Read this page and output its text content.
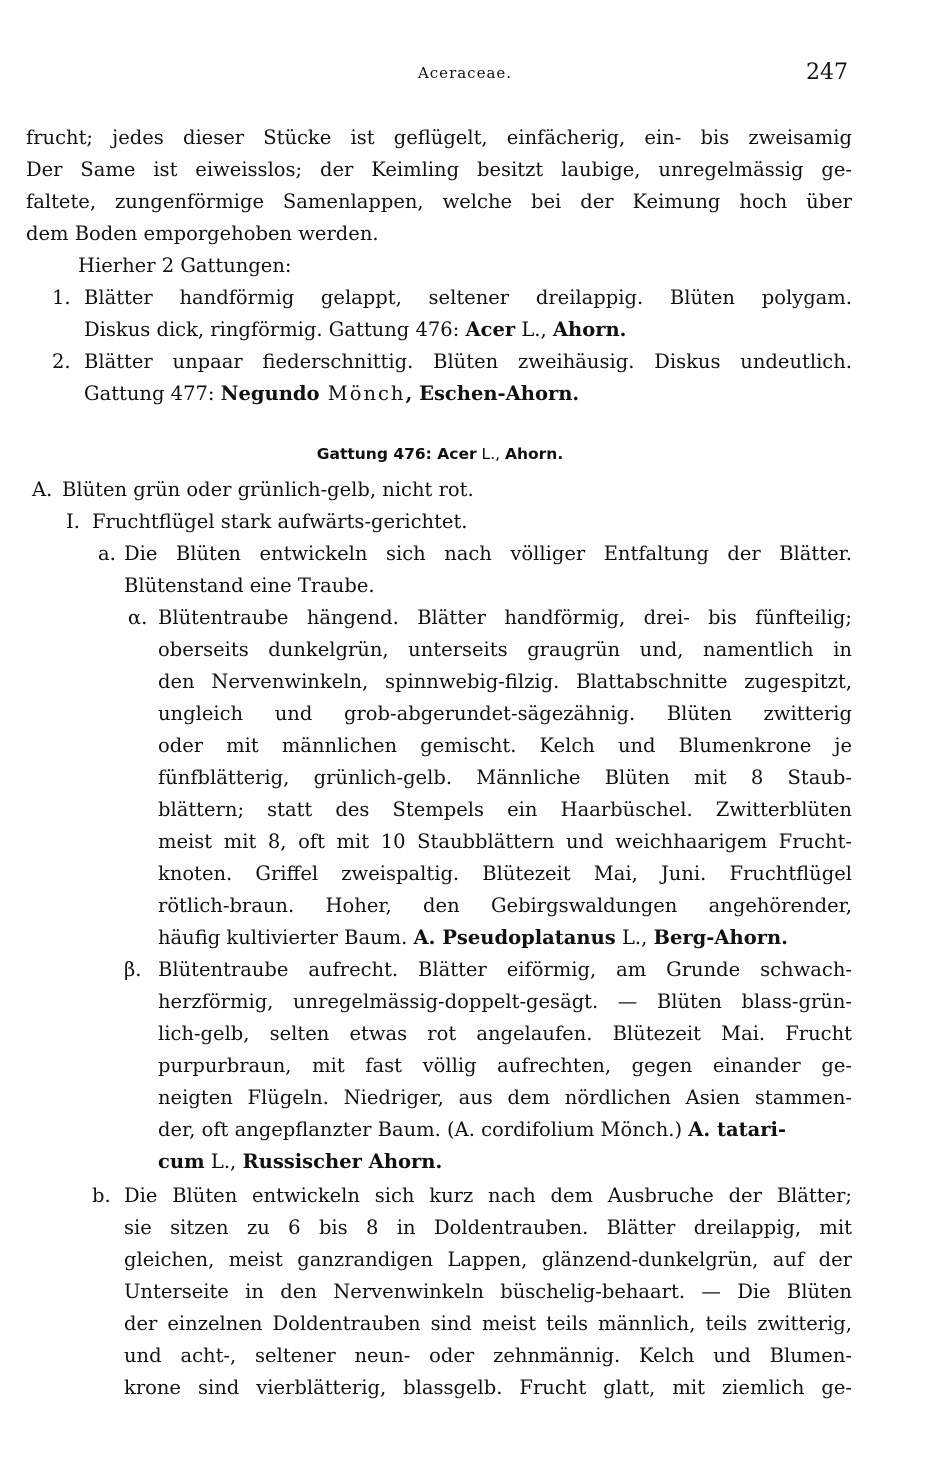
Aceraceae.	247
frucht; jedes dieser Stücke ist geflügelt, einfächerig, ein- bis zweisamig
Der Same ist eiweisslos; der Keimling besitzt laubige, unregelmässig ge-
faltete, zungenförmige Samenlappen, welche bei der Keimung hoch über
dem Boden emporgehoben werden.
Hierher 2 Gattungen:
1. Blätter handförmig gelappt, seltener dreilappig. Blüten polygam.
Diskus dick, ringförmig. Gattung 476: Acer L., Ahorn.
2. Blätter unpaar fiederschnittig. Blüten zweihäusig. Diskus undeutlich.
Gattung 477: Negundo Mönch, Eschen-Ahorn.
Gattung 476: Acer L., Ahorn.
A. Blüten grün oder grünlich-gelb, nicht rot.
I. Fruchtflügel stark aufwärts-gerichtet.
a. Die Blüten entwickeln sich nach völliger Entfaltung der Blätter.
Blütenstand eine Traube.
α. Blütentraube hängend. Blätter handförmig, drei- bis fünfteilig;
oberseits dunkelgrün, unterseits graugrün und, namentlich in
den Nervenwinkeln, spinnwebig-filzig. Blattabschnitte zugespitzt,
ungleich und grob-abgerundet-sägezähnig. Blüten zwitterig
oder mit männlichen gemischt. Kelch und Blumenkrone je
fünfblätterig, grünlich-gelb. Männliche Blüten mit 8 Staub-
blättern; statt des Stempels ein Haarbüschel. Zwitterblüten
meist mit 8, oft mit 10 Staubblättern und weichhaarigem Frucht-
knoten. Griffel zweispaltig. Blütezeit Mai, Juni. Fruchtflügel
rötlich-braun. Hoher, den Gebirgswaldungen angehörender,
häufig kultivierter Baum. A. Pseudoplatanus L., Berg-Ahorn.
β. Blütentraube aufrecht. Blätter eiförmig, am Grunde schwach-
herzförmig, unregelmässig-doppelt-gesägt. — Blüten blass-grün-
lich-gelb, selten etwas rot angelaufen. Blütezeit Mai. Frucht
purpurbraun, mit fast völlig aufrechten, gegen einander ge-
neigten Flügeln. Niedriger, aus dem nördlichen Asien stammen-
der, oft angepflanzter Baum. (A. cordifolium Mönch.) A. tatari-
cum L., Russischer Ahorn.
b. Die Blüten entwickeln sich kurz nach dem Ausbruche der Blätter;
sie sitzen zu 6 bis 8 in Doldentrauben. Blätter dreilappig, mit
gleichen, meist ganzrandigen Lappen, glänzend-dunkelgrün, auf der
Unterseite in den Nervenwinkeln büschelig-behaart. — Die Blüten
der einzelnen Doldentrauben sind meist teils männlich, teils zwitterig,
und acht-, seltener neun- oder zehnmännig. Kelch und Blumen-
krone sind vierblätterig, blassgelb. Frucht glatt, mit ziemlich ge-
